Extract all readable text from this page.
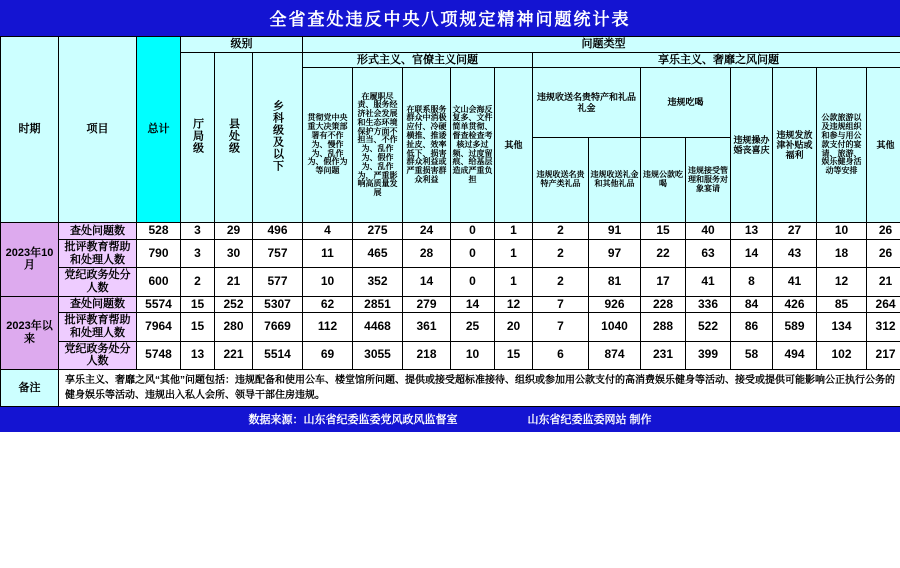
全省查处违反中央八项规定精神问题统计表
时期	项目	总计	级别			问题类型												
			厅局级	县处级	乡科级及以下	形式主义、官僚主义问题					享乐主义、奢靡之风问题							
						贯彻党中央重大决策部署有不作为、慢作为、乱作为、假作为等问题	在履职尽责、服务经济社会发展和生态环境保护方面不担当、不作为、乱作为、假作为、乱作为，严重影响高质量发展	在联系服务群众中消极应付、冷硬横推、推诿扯皮、效率低下、损害群众利益或严重损害群众利益	文山会海反复多、文件简单贯彻、督查检查考核过多过频、过度留痕、给基层造成严重负担	其他	违规收送名贵特产和礼品礼金		违规吃喝		违规操办婚丧喜庆	违规发放津补贴或福利	公款旅游以及违规组织和参与用公款支付的宴请、旅游、娱乐健身活动等安排	其他
											违规收送名贵特产类礼品	违规收送礼金和其他礼品	违规公款吃喝	违规接受管理和服务对象宴请				
2023年10月	查处问题数	528	3	29	496	4	275	24	0	1	2	91	15	40	13	27	10	26
	批评教育帮助和处理人数	790	3	30	757	11	465	28	0	1	2	97	22	63	14	43	18	26
	党纪政务处分人数	600	2	21	577	10	352	14	0	1	2	81	17	41	8	41	12	21
2023年以来	查处问题数	5574	15	252	5307	62	2851	279	14	12	7	926	228	336	84	426	85	264
	批评教育帮助和处理人数	7964	15	280	7669	112	4468	361	25	20	7	1040	288	522	86	589	134	312
	党纪政务处分人数	5748	13	221	5514	69	3055	218	10	15	6	874	231	399	58	494	102	217
备注	享乐主义、奢靡之风“其他”问题包括：违规配备和使用公车、楼堂馆所问题、提供或接受超标准接待、组织或参加用公款支付的高消费娱乐健身等活动、接受或提供可能影响公正执行公务的健身娱乐等活动、违规出入私人会所、领导干部住房违规。																	
数据来源：山东省纪委监委党风政风监督室	山东省纪委监委网站 制作
